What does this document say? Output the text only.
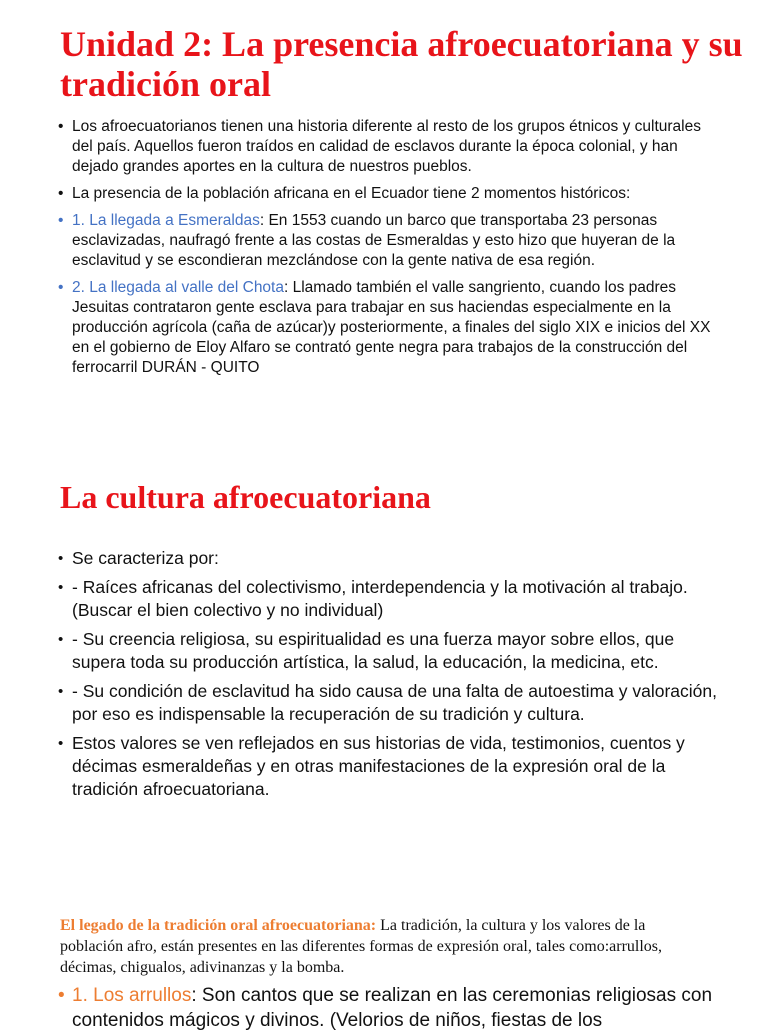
Unidad 2: La presencia afroecuatoriana y su tradición oral
• Los afroecuatorianos tienen una historia diferente al resto de los grupos étnicos y culturales del país. Aquellos fueron traídos en calidad de esclavos durante la época colonial, y han dejado grandes aportes en la cultura de nuestros pueblos.
• La presencia de la población africana en el Ecuador tiene 2 momentos históricos:
• 1. La llegada a Esmeraldas: En 1553 cuando un barco que transportaba 23 personas esclavizadas, naufragó frente a las costas de Esmeraldas y esto hizo que huyeran de la esclavitud y se escondieran mezclándose con la gente nativa de esa región.
• 2. La llegada al valle del Chota: Llamado también el valle sangriento, cuando los padres Jesuitas contrataron gente esclava para trabajar en sus haciendas especialmente en la producción agrícola (caña de azúcar)y posteriormente, a finales del siglo XIX e inicios del XX en el gobierno de Eloy Alfaro se contrató gente negra para trabajos de la construcción del ferrocarril DURÁN - QUITO
La cultura afroecuatoriana
• Se caracteriza por:
• - Raíces africanas del colectivismo, interdependencia y la motivación al trabajo. (Buscar el bien colectivo y no individual)
• - Su creencia religiosa, su espiritualidad es una fuerza mayor sobre ellos, que supera toda su producción artística, la salud, la educación, la medicina, etc.
• - Su condición de esclavitud ha sido causa de una falta de autoestima y valoración, por eso es indispensable la recuperación de su tradición y cultura.
• Estos valores se ven reflejados en sus historias de vida, testimonios, cuentos y décimas esmeraldeñas y en otras manifestaciones de la expresión oral de la tradición afroecuatoriana.

El legado de la tradición oral afroecuatoriana: La tradición, la cultura y los valores de la población afro, están presentes en las diferentes formas de expresión oral, tales como:arrullos, décimas, chigualos, adivinanzas y la bomba.

• 1. Los arrullos: Son cantos que se realizan en las ceremonias religiosas con contenidos mágicos y divinos. (Velorios de niños, fiestas de los
